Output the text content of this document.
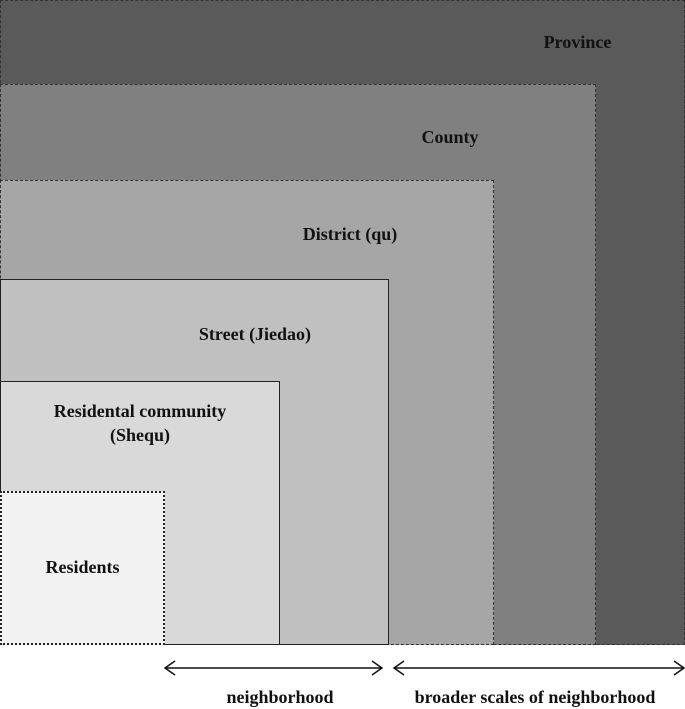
Province
County
District (qu)
Street (Jiedao)
Residental community
(Shequ)
Residents
neighborhood	broader scales of neighborhood
